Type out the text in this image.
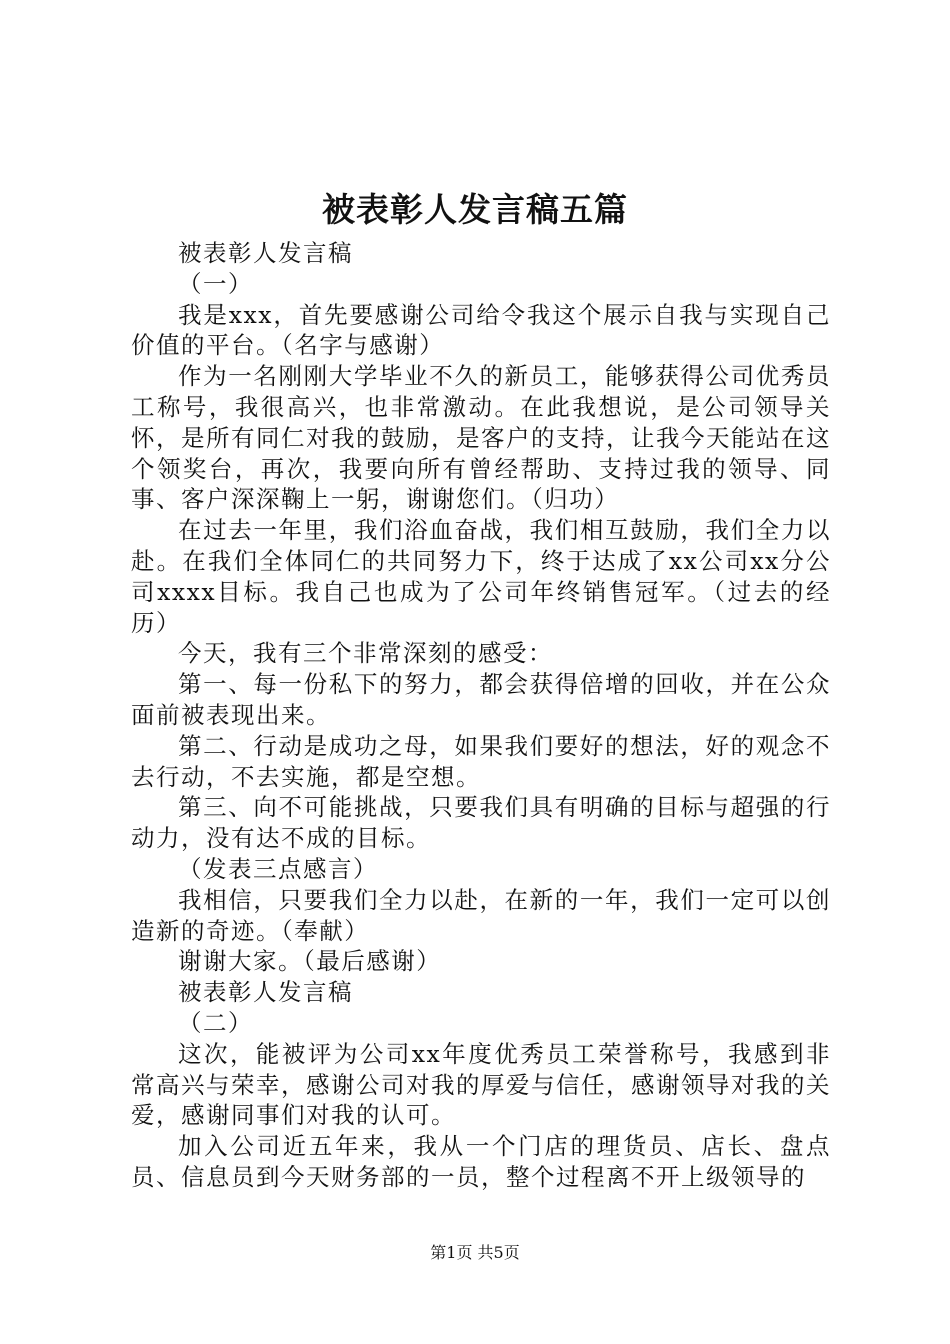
被表彰人发言稿五篇

被表彰人发言稿

（一）

我是xxx，首先要感谢公司给令我这个展示自我与实现自己价值的平台。（名字与感谢）

作为一名刚刚大学毕业不久的新员工，能够获得公司优秀员工称号，我很高兴，也非常激动。在此我想说，是公司领导关怀，是所有同仁对我的鼓励，是客户的支持，让我今天能站在这个领奖台，再次，我要向所有曾经帮助、支持过我的领导、同事、客户深深鞠上一躬，谢谢您们。（归功）

在过去一年里，我们浴血奋战，我们相互鼓励，我们全力以赴。在我们全体同仁的共同努力下，终于达成了xx公司xx分公司xxxx目标。我自己也成为了公司年终销售冠军。（过去的经历）

今天，我有三个非常深刻的感受：

第一、每一份私下的努力，都会获得倍增的回收，并在公众面前被表现出来。

第二、行动是成功之母，如果我们要好的想法，好的观念不去行动，不去实施，都是空想。

第三、向不可能挑战，只要我们具有明确的目标与超强的行动力，没有达不成的目标。

（发表三点感言）

我相信，只要我们全力以赴，在新的一年，我们一定可以创造新的奇迹。（奉献）

谢谢大家。（最后感谢）

被表彰人发言稿

（二）

这次，能被评为公司xx年度优秀员工荣誉称号，我感到非常高兴与荣幸，感谢公司对我的厚爱与信任，感谢领导对我的关爱，感谢同事们对我的认可。

加入公司近五年来，我从一个门店的理货员、店长、盘点员、信息员到今天财务部的一员，整个过程离不开上级领导的

第1页 共5页
